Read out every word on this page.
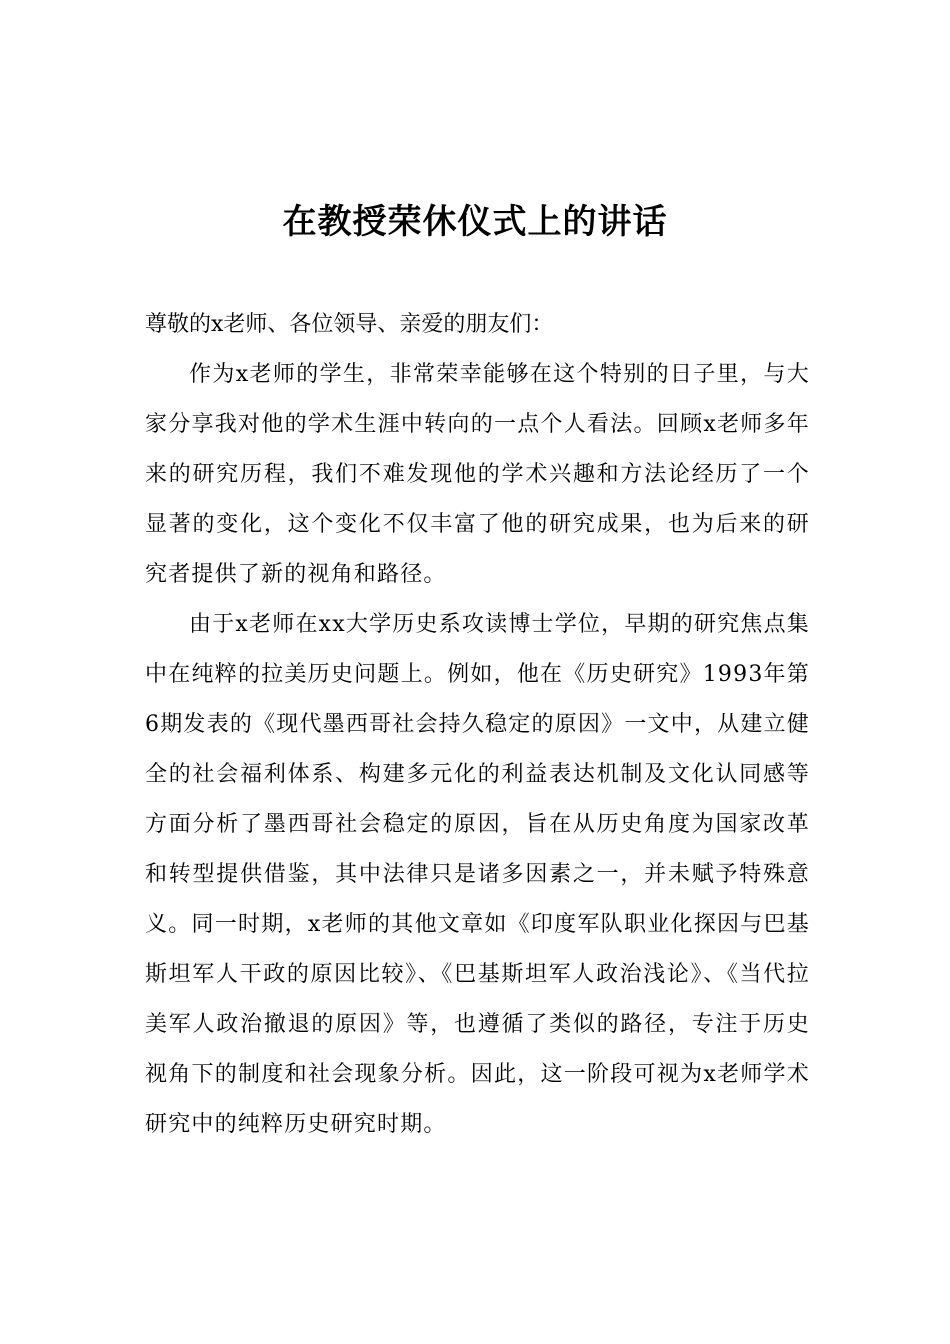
在教授荣休仪式上的讲话

尊敬的x老师、各位领导、亲爱的朋友们：

作为x老师的学生，非常荣幸能够在这个特别的日子里，与大家分享我对他的学术生涯中转向的一点个人看法。回顾x老师多年来的研究历程，我们不难发现他的学术兴趣和方法论经历了一个显著的变化，这个变化不仅丰富了他的研究成果，也为后来的研究者提供了新的视角和路径。

由于x老师在xx大学历史系攻读博士学位，早期的研究焦点集中在纯粹的拉美历史问题上。例如，他在《历史研究》1993年第6期发表的《现代墨西哥社会持久稳定的原因》一文中，从建立健全的社会福利体系、构建多元化的利益表达机制及文化认同感等方面分析了墨西哥社会稳定的原因，旨在从历史角度为国家改革和转型提供借鉴，其中法律只是诸多因素之一，并未赋予特殊意义。同一时期，x老师的其他文章如《印度军队职业化探因与巴基斯坦军人干政的原因比较》、《巴基斯坦军人政治浅论》、《当代拉美军人政治撤退的原因》等，也遵循了类似的路径，专注于历史视角下的制度和社会现象分析。因此，这一阶段可视为x老师学术研究中的纯粹历史研究时期。
